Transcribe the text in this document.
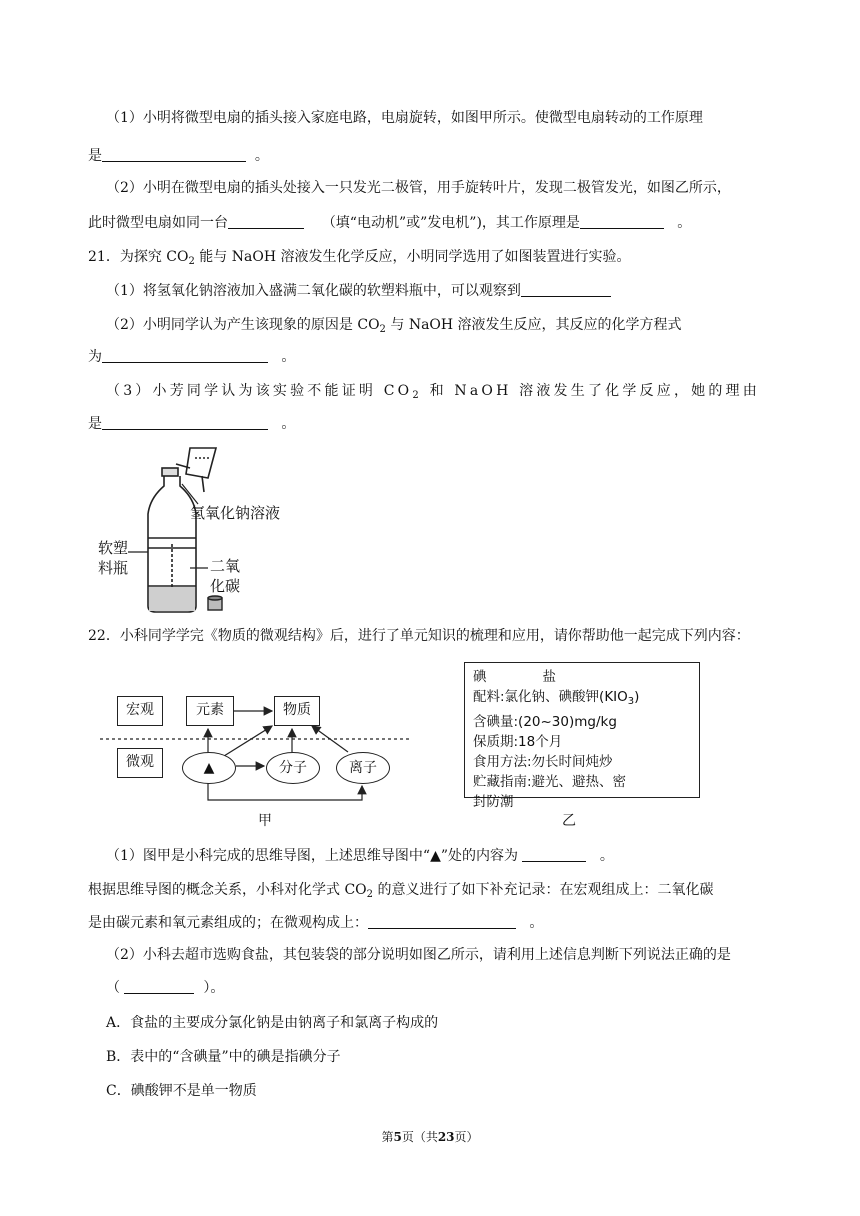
（1）小明将微型电扇的插头接入家庭电路，电扇旋转，如图甲所示。使微型电扇转动的工作原理
是	。
（2）小明在微型电扇的插头处接入一只发光二极管，用手旋转叶片，发现二极管发光，如图乙所示，
此时微型电扇如同一台	（填“电动机”或”发电机”)，其工作原理是	。
21．为探究 $CO_2$ 能与 NaOH 溶液发生化学反应，小明同学选用了如图装置进行实验。
（1）将氢氧化钠溶液加入盛满二氧化碳的软塑料瓶中，可以观察到
（2）小明同学认为产生该现象的原因是 $CO_2$ 与 NaOH 溶液发生反应，其反应的化学方程式
为	。
（3）小芳同学认为该实验不能证明 $CO_2$ 和 NaOH 溶液发生了化学反应，她的理由
是	。
氢氧化钠溶液
软塑
料瓶	二氧
化碳
22．小科同学学完《物质的微观结构》后，进行了单元知识的梳理和应用，请你帮助他一起完成下列内容：
宏观	元素	物质
微观	▲	分子	离子
甲
碘	盐
配料:氯化钠、碘酸钾$(KIO_3)$
含碘量:(20~30)mg/kg
保质期:18个月
食用方法:勿长时间炖炒
贮藏指南:避光、避热、密
封防潮
乙
（1）图甲是小科完成的思维导图，上述思维导图中“▲”处的内容为	。
根据思维导图的概念关系，小科对化学式 $CO_2$ 的意义进行了如下补充记录：在宏观组成上：二氧化碳
是由碳元素和氧元素组成的；在微观构成上：	。
（2）小科去超市选购食盐，其包装袋的部分说明如图乙所示，请利用上述信息判断下列说法正确的是
（	）。
A．食盐的主要成分氯化钠是由钠离子和氯离子构成的
B．表中的“含碘量”中的碘是指碘分子
C．碘酸钾不是单一物质
第5页（共23页）
